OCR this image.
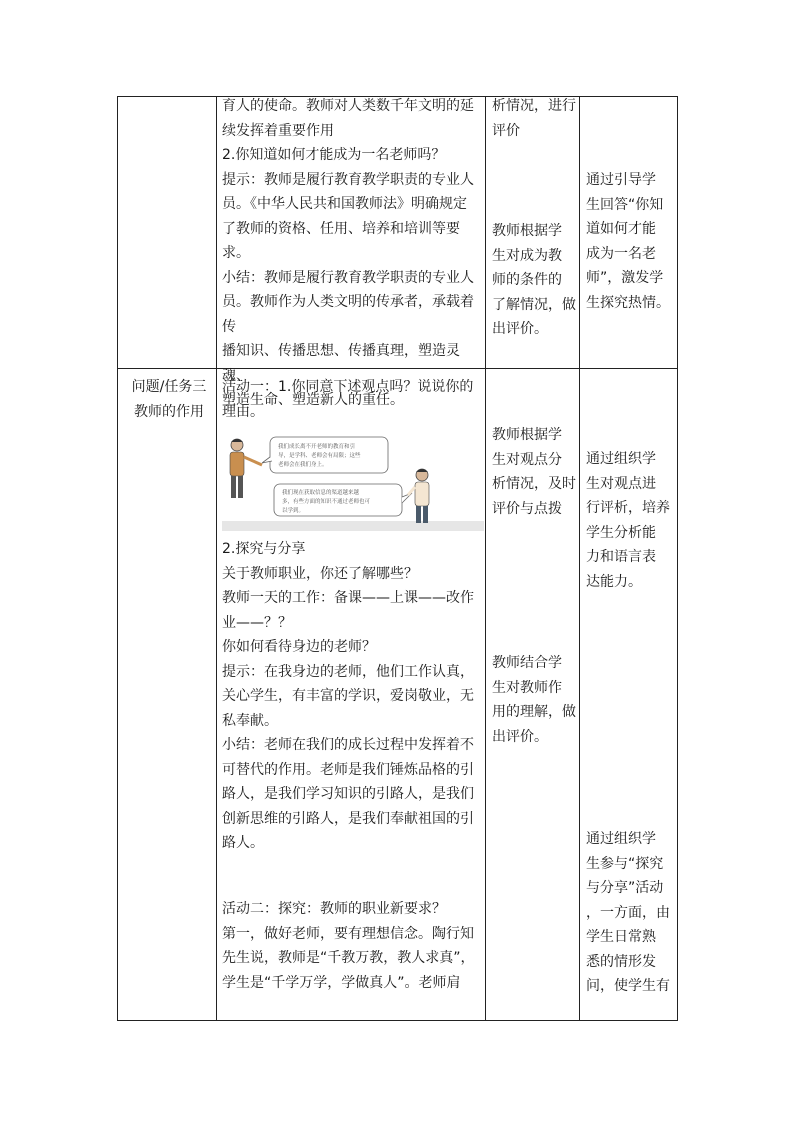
育人的使命。教师对人类数千年文明的延

续发挥着重要作用

2.你知道如何才能成为一名老师吗？

提示：教师是履行教育教学职责的专业人

员。《中华人民共和国教师法》明确规定

了教师的资格、任用、培养和培训等要求。

小结：教师是履行教育教学职责的专业人

员。教师作为人类文明的传承者，承载着传

播知识、传播思想、传播真理，塑造灵魂、

塑造生命、塑造新人的重任。

析情况，进行

评价

教师根据学

生对成为教

师的条件的

了解情况，做

出评价。

通过引导学

生回答“你知

道如何才能

成为一名老

师”，激发学

生探究热情。

问题/任务三

教师的作用

活动一：1.你同意下述观点吗？说说你的

理由。

我们成长离不开老师的教育和引
导，是学科、老师会有局限；这些
老师会在我们身上。
我们现在获取信息的渠道越来越
多，有些方面的知识不通过老师也可
以学到。

2.探究与分享

关于教师职业，你还了解哪些？

教师一天的工作：备课——上课——改作

业——？？

你如何看待身边的老师？

提示：在我身边的老师，他们工作认真，

关心学生，有丰富的学识，爱岗敬业，无

私奉献。

小结：老师在我们的成长过程中发挥着不

可替代的作用。老师是我们锤炼品格的引

路人，是我们学习知识的引路人，是我们

创新思维的引路人，是我们奉献祖国的引

路人。

活动二：探究：教师的职业新要求？

第一，做好老师，要有理想信念。陶行知

先生说，教师是“千教万教，教人求真”，

学生是“千学万学，学做真人”。老师肩

教师根据学

生对观点分

析情况，及时

评价与点拨

教师结合学

生对教师作

用的理解，做

出评价。

通过组织学

生对观点进

行评析，培养

学生分析能

力和语言表

达能力。

通过组织学

生参与“探究

与分享”活动

，一方面，由

学生日常熟

悉的情形发

问，使学生有
